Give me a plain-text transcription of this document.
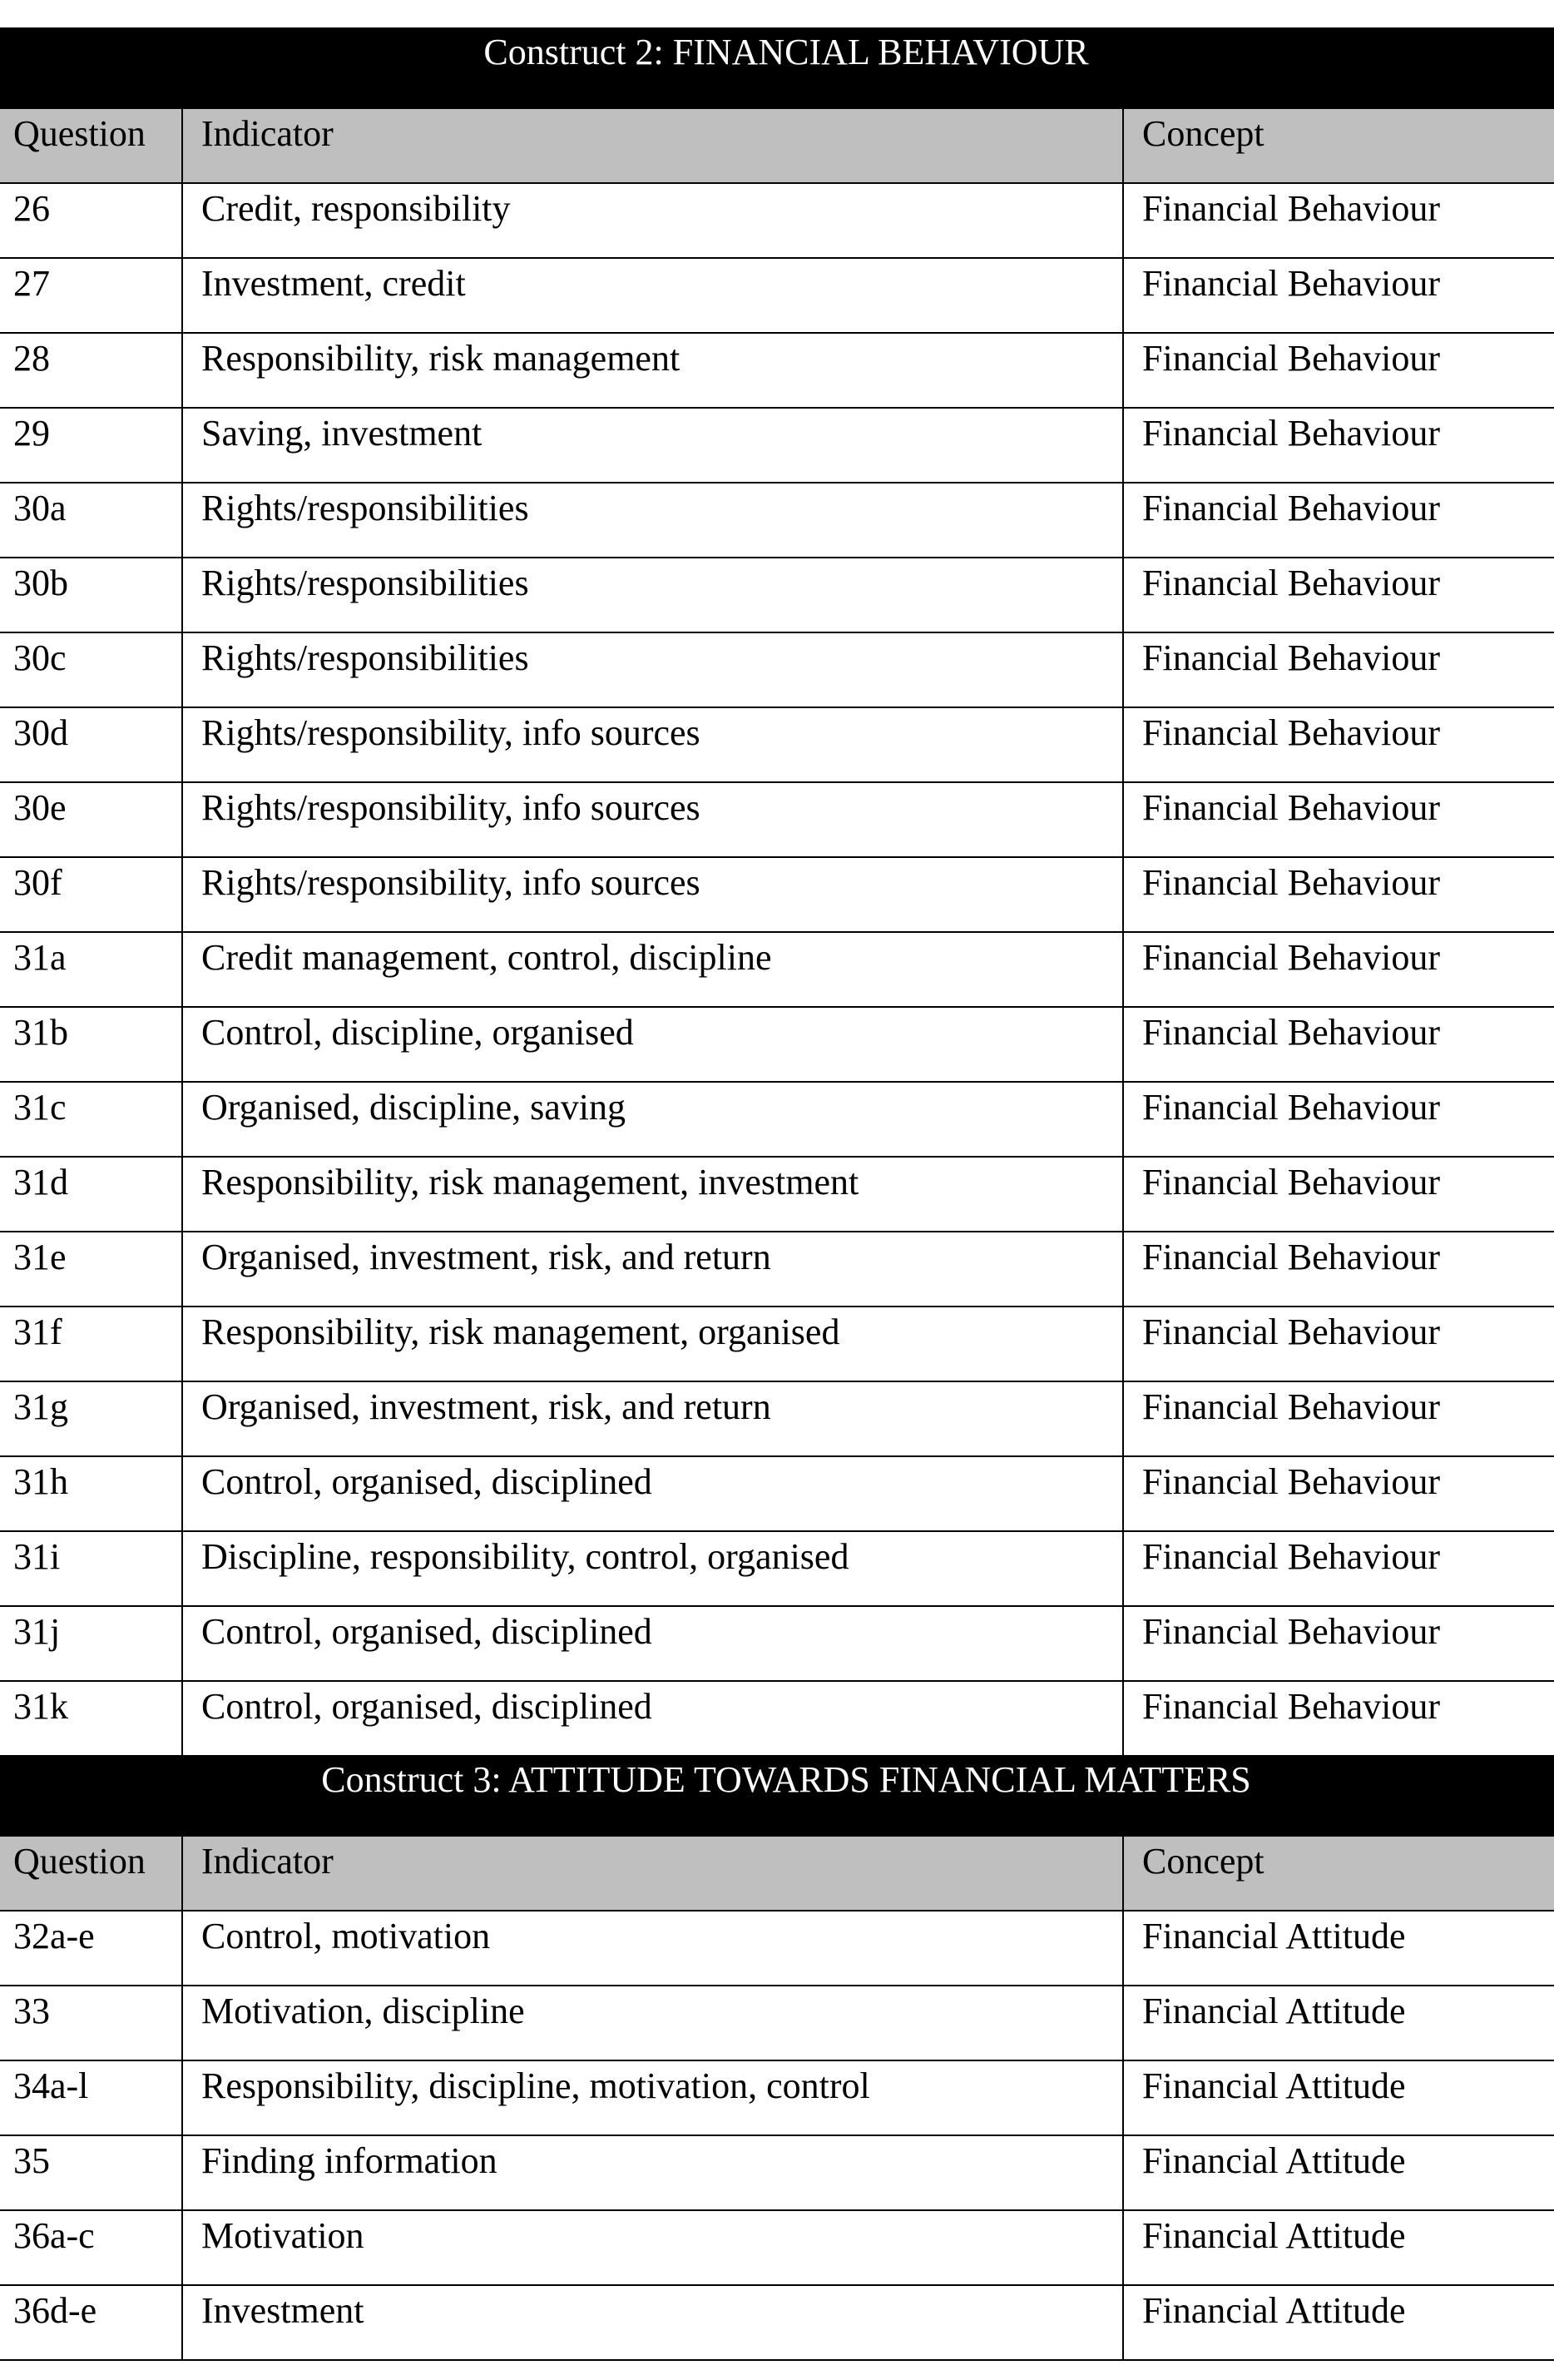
Construct 2: FINANCIAL BEHAVIOUR		
Question	Indicator	Concept
26	Credit, responsibility	Financial Behaviour
27	Investment, credit	Financial Behaviour
28	Responsibility, risk management	Financial Behaviour
29	Saving, investment	Financial Behaviour
30a	Rights/responsibilities	Financial Behaviour
30b	Rights/responsibilities	Financial Behaviour
30c	Rights/responsibilities	Financial Behaviour
30d	Rights/responsibility, info sources	Financial Behaviour
30e	Rights/responsibility, info sources	Financial Behaviour
30f	Rights/responsibility, info sources	Financial Behaviour
31a	Credit management, control, discipline	Financial Behaviour
31b	Control, discipline, organised	Financial Behaviour
31c	Organised, discipline, saving	Financial Behaviour
31d	Responsibility, risk management, investment	Financial Behaviour
31e	Organised, investment, risk, and return	Financial Behaviour
31f	Responsibility, risk management, organised	Financial Behaviour
31g	Organised, investment, risk, and return	Financial Behaviour
31h	Control, organised, disciplined	Financial Behaviour
31i	Discipline, responsibility, control, organised	Financial Behaviour
31j	Control, organised, disciplined	Financial Behaviour
31k	Control, organised, disciplined	Financial Behaviour
Construct 3: ATTITUDE TOWARDS FINANCIAL MATTERS		
Question	Indicator	Concept
32a-e	Control, motivation	Financial Attitude
33	Motivation, discipline	Financial Attitude
34a-l	Responsibility, discipline, motivation, control	Financial Attitude
35	Finding information	Financial Attitude
36a-c	Motivation	Financial Attitude
36d-e	Investment	Financial Attitude
